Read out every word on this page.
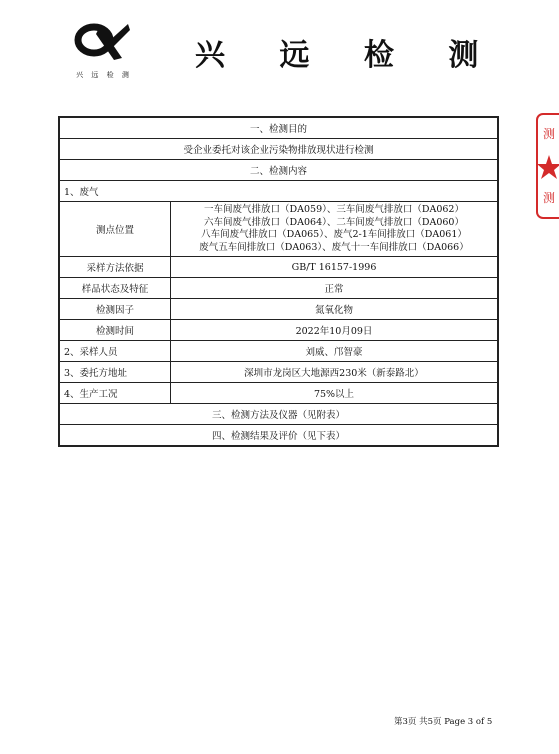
兴 远 检 测
兴 远 检 测
测
测
一、检测目的	
受企业委托对该企业污染物排放现状进行检测	
二、检测内容	
1、废气	
测点位置	一车间废气排放口（DA059）、三车间废气排放口（DA062）
六车间废气排放口（DA064）、二车间废气排放口（DA060）
八车间废气排放口（DA065）、废气2-1车间排放口（DA061）
废气五车间排放口（DA063）、废气十一车间排放口（DA066）

采样方法依据	GB/T 16157-1996
样品状态及特征	正常
检测因子	氮氧化物
检测时间	2022年10月09日
2、采样人员	刘威、邝智豪
3、委托方地址	深圳市龙岗区大地源西230米（新泰路北）
4、生产工况	75%以上
三、检测方法及仪器（见附表）	
四、检测结果及评价（见下表）	
第3页 共5页 Page 3 of 5
